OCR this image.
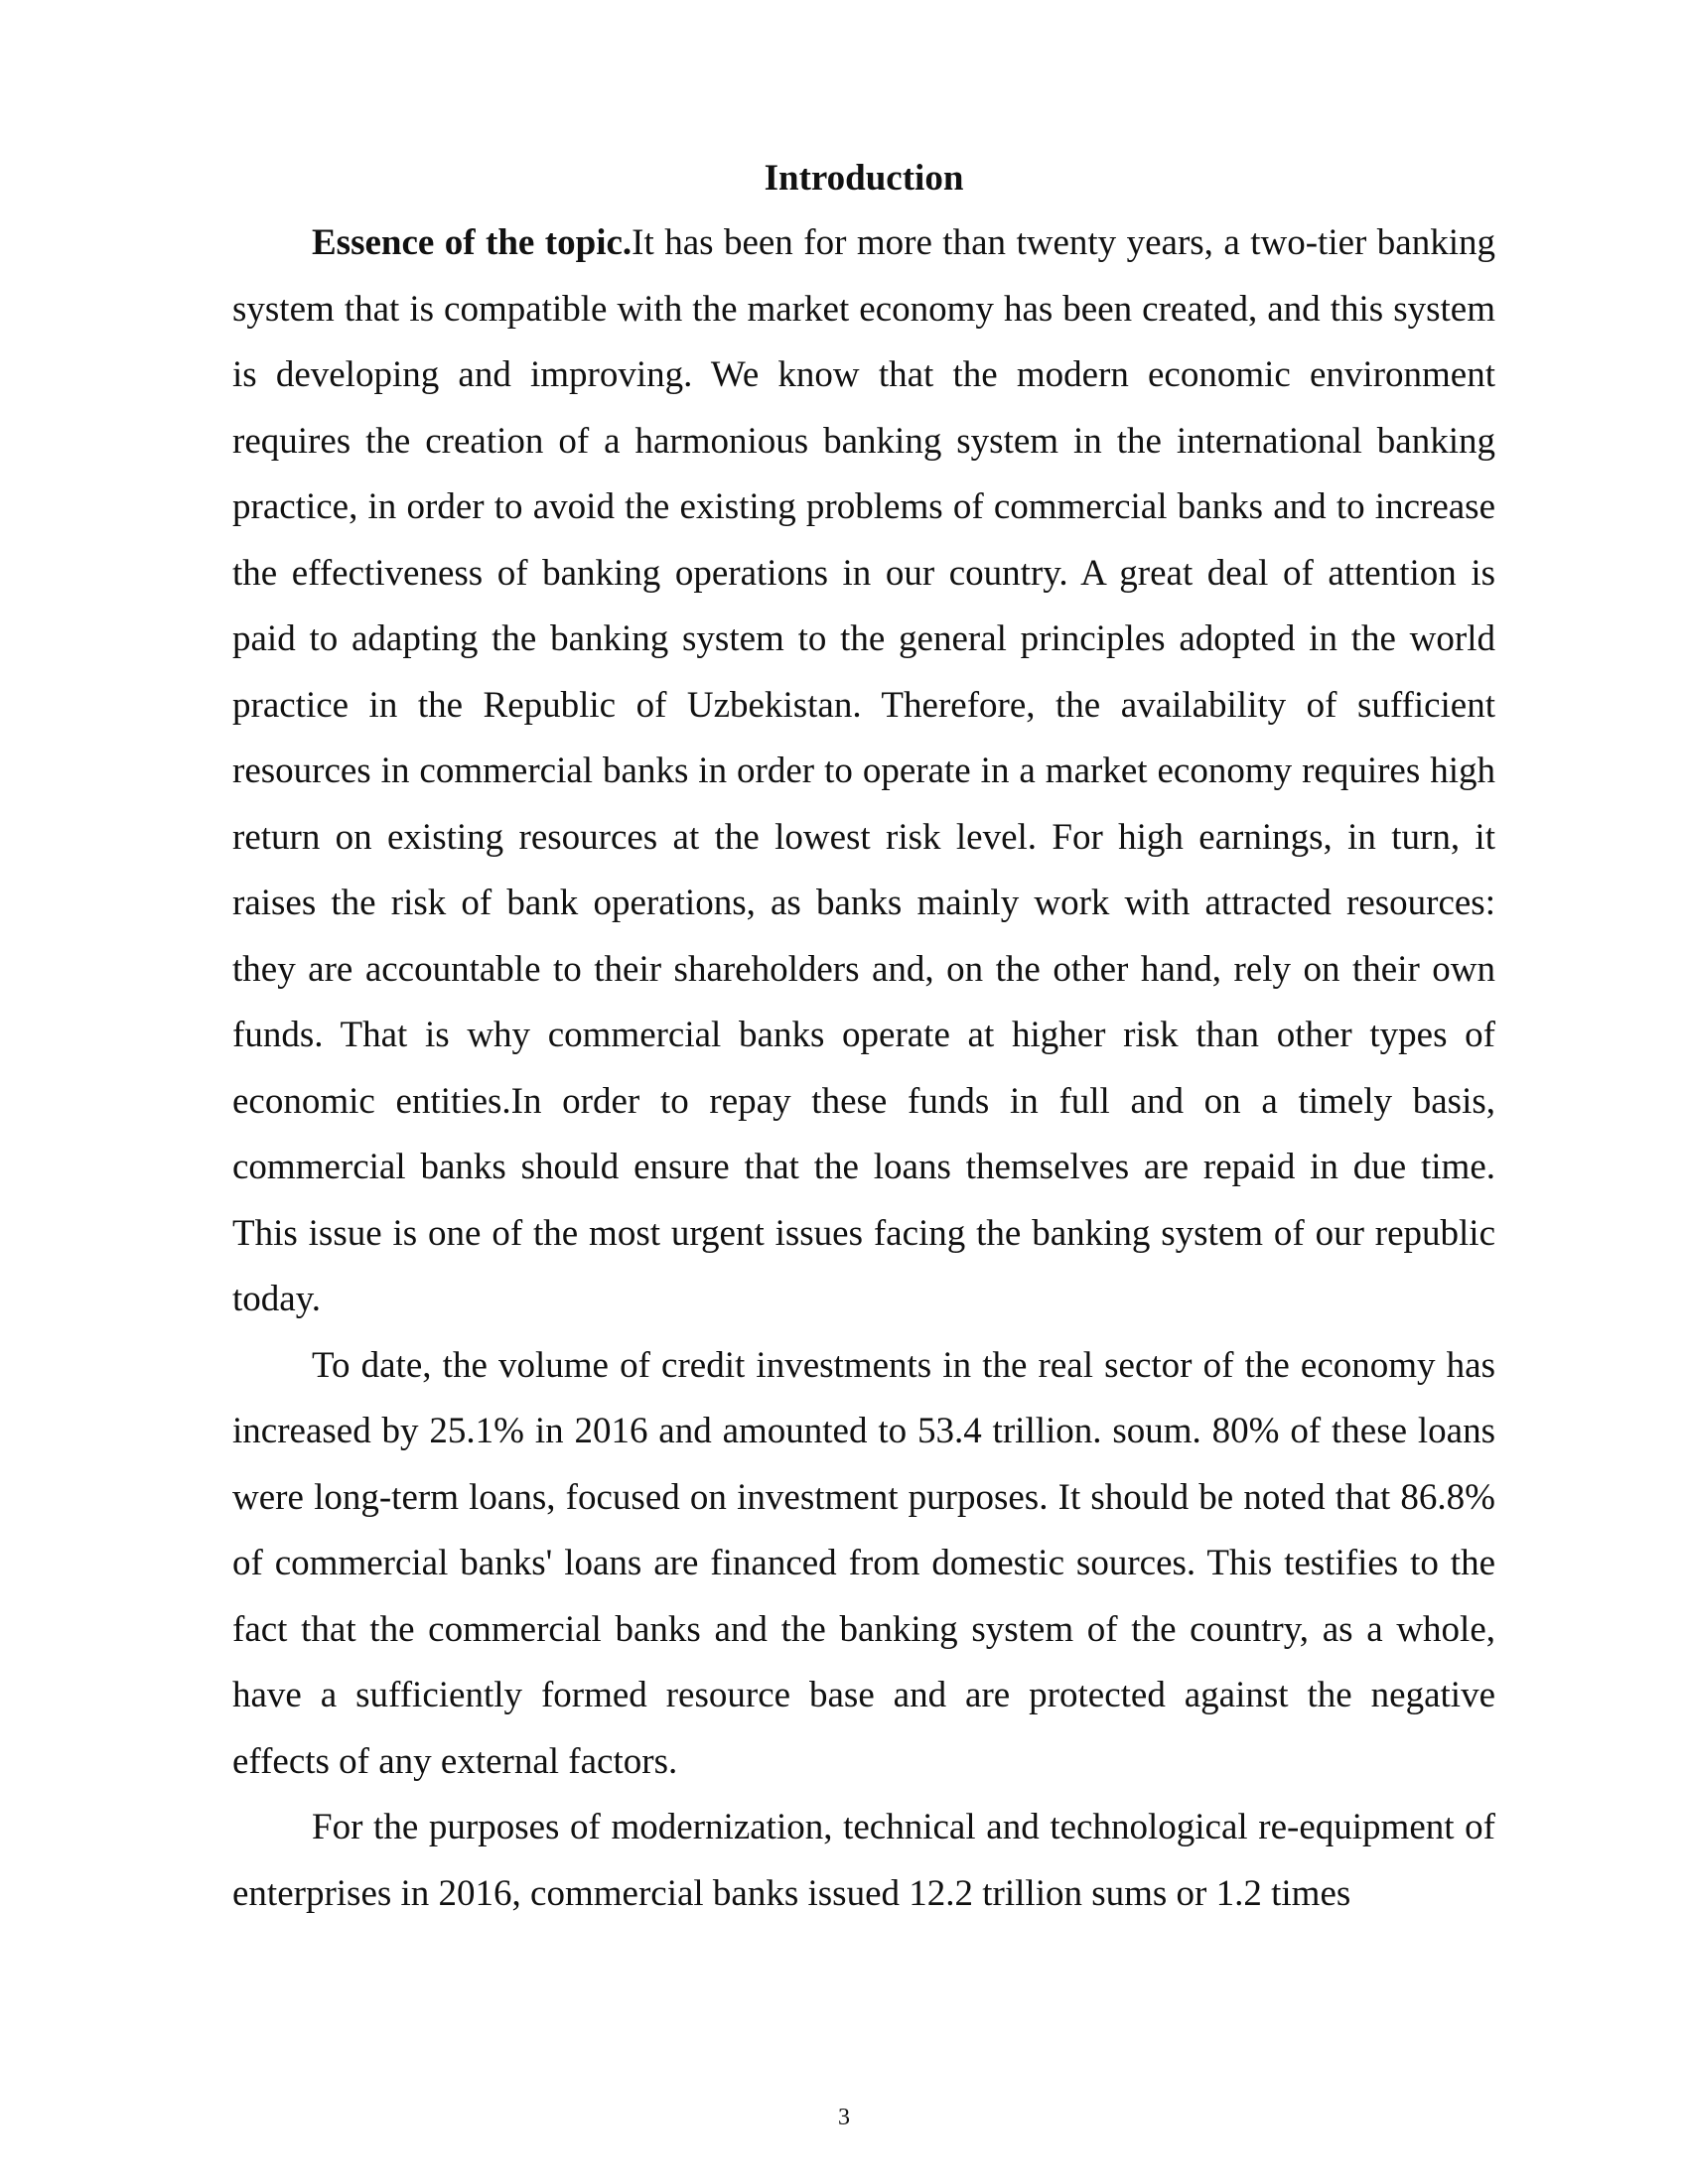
Introduction

Essence of the topic.It has been for more than twenty years, a two-tier banking system that is compatible with the market economy has been created, and this system is developing and improving. We know that the modern economic environment requires the creation of a harmonious banking system in the international banking practice, in order to avoid the existing problems of commercial banks and to increase the effectiveness of banking operations in our country. A great deal of attention is paid to adapting the banking system to the general principles adopted in the world practice in the Republic of Uzbekistan. Therefore, the availability of sufficient resources in commercial banks in order to operate in a market economy requires high return on existing resources at the lowest risk level. For high earnings, in turn, it raises the risk of bank operations, as banks mainly work with attracted resources: they are accountable to their shareholders and, on the other hand, rely on their own funds. That is why commercial banks operate at higher risk than other types of economic entities.In order to repay these funds in full and on a timely basis, commercial banks should ensure that the loans themselves are repaid in due time. This issue is one of the most urgent issues facing the banking system of our republic today.

To date, the volume of credit investments in the real sector of the economy has increased by 25.1% in 2016 and amounted to 53.4 trillion. soum. 80% of these loans were long-term loans, focused on investment purposes. It should be noted that 86.8% of commercial banks' loans are financed from domestic sources. This testifies to the fact that the commercial banks and the banking system of the country, as a whole, have a sufficiently formed resource base and are protected against the negative effects of any external factors.

For the purposes of modernization, technical and technological re-equipment of enterprises in 2016, commercial banks issued 12.2 trillion sums or 1.2 times

3
